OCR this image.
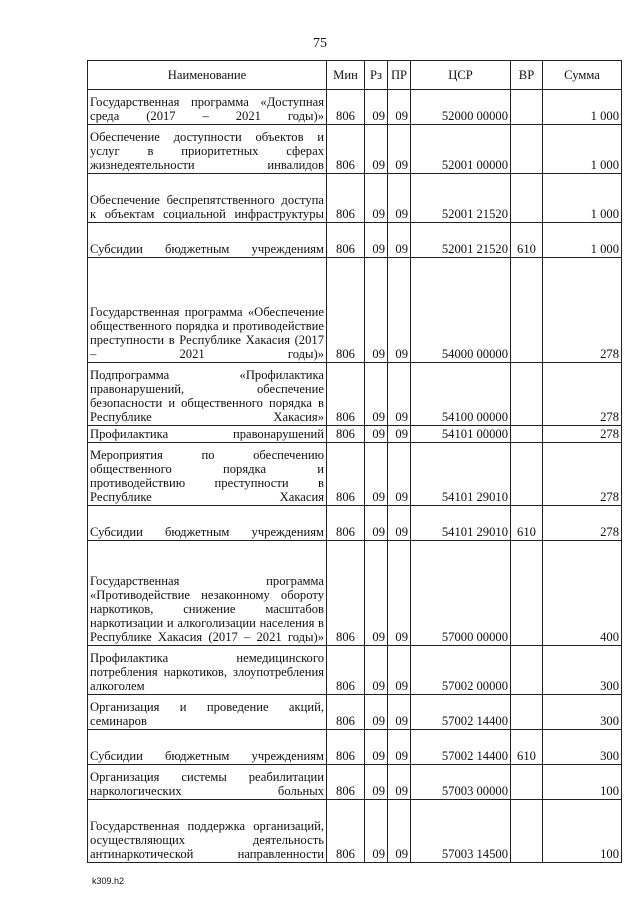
75
Наименование	Мин	Рз	ПР	ЦСР	ВР	Сумма
Государственная программа «Доступная среда (2017 – 2021 годы)»	806	09	09	52000 00000		1 000
Обеспечение доступности объектов и услуг в приоритетных сферах жизнедеятельности инвалидов	806	09	09	52001 00000		1 000
Обеспечение беспрепятственного доступа к объектам социальной инфраструктуры	806	09	09	52001 21520		1 000
Субсидии бюджетным учреждениям	806	09	09	52001 21520	610	1 000
Государственная программа «Обеспечение общественного порядка и противодействие преступности в Республике Хакасия (2017 – 2021 годы)»	806	09	09	54000 00000		278
Подпрограмма «Профилактика правонарушений, обеспечение безопасности и общественного порядка в Республике Хакасия»	806	09	09	54100 00000		278
Профилактика правонарушений	806	09	09	54101 00000		278
Мероприятия по обеспечению общественного порядка и противодействию преступности в Республике Хакасия	806	09	09	54101 29010		278
Субсидии бюджетным учреждениям	806	09	09	54101 29010	610	278
Государственная программа «Противодействие незаконному обороту наркотиков, снижение масштабов наркотизации и алкоголизации населения в Республике Хакасия (2017 – 2021 годы)»	806	09	09	57000 00000		400
Профилактика немедицинского потребления наркотиков, злоупотребления алкоголем	806	09	09	57002 00000		300
Организация и проведение акций, семинаров	806	09	09	57002 14400		300
Субсидии бюджетным учреждениям	806	09	09	57002 14400	610	300
Организация системы реабилитации наркологических больных	806	09	09	57003 00000		100
Государственная поддержка организаций, осуществляющих деятельность антинаркотической направленности	806	09	09	57003 14500		100
k309.h2
